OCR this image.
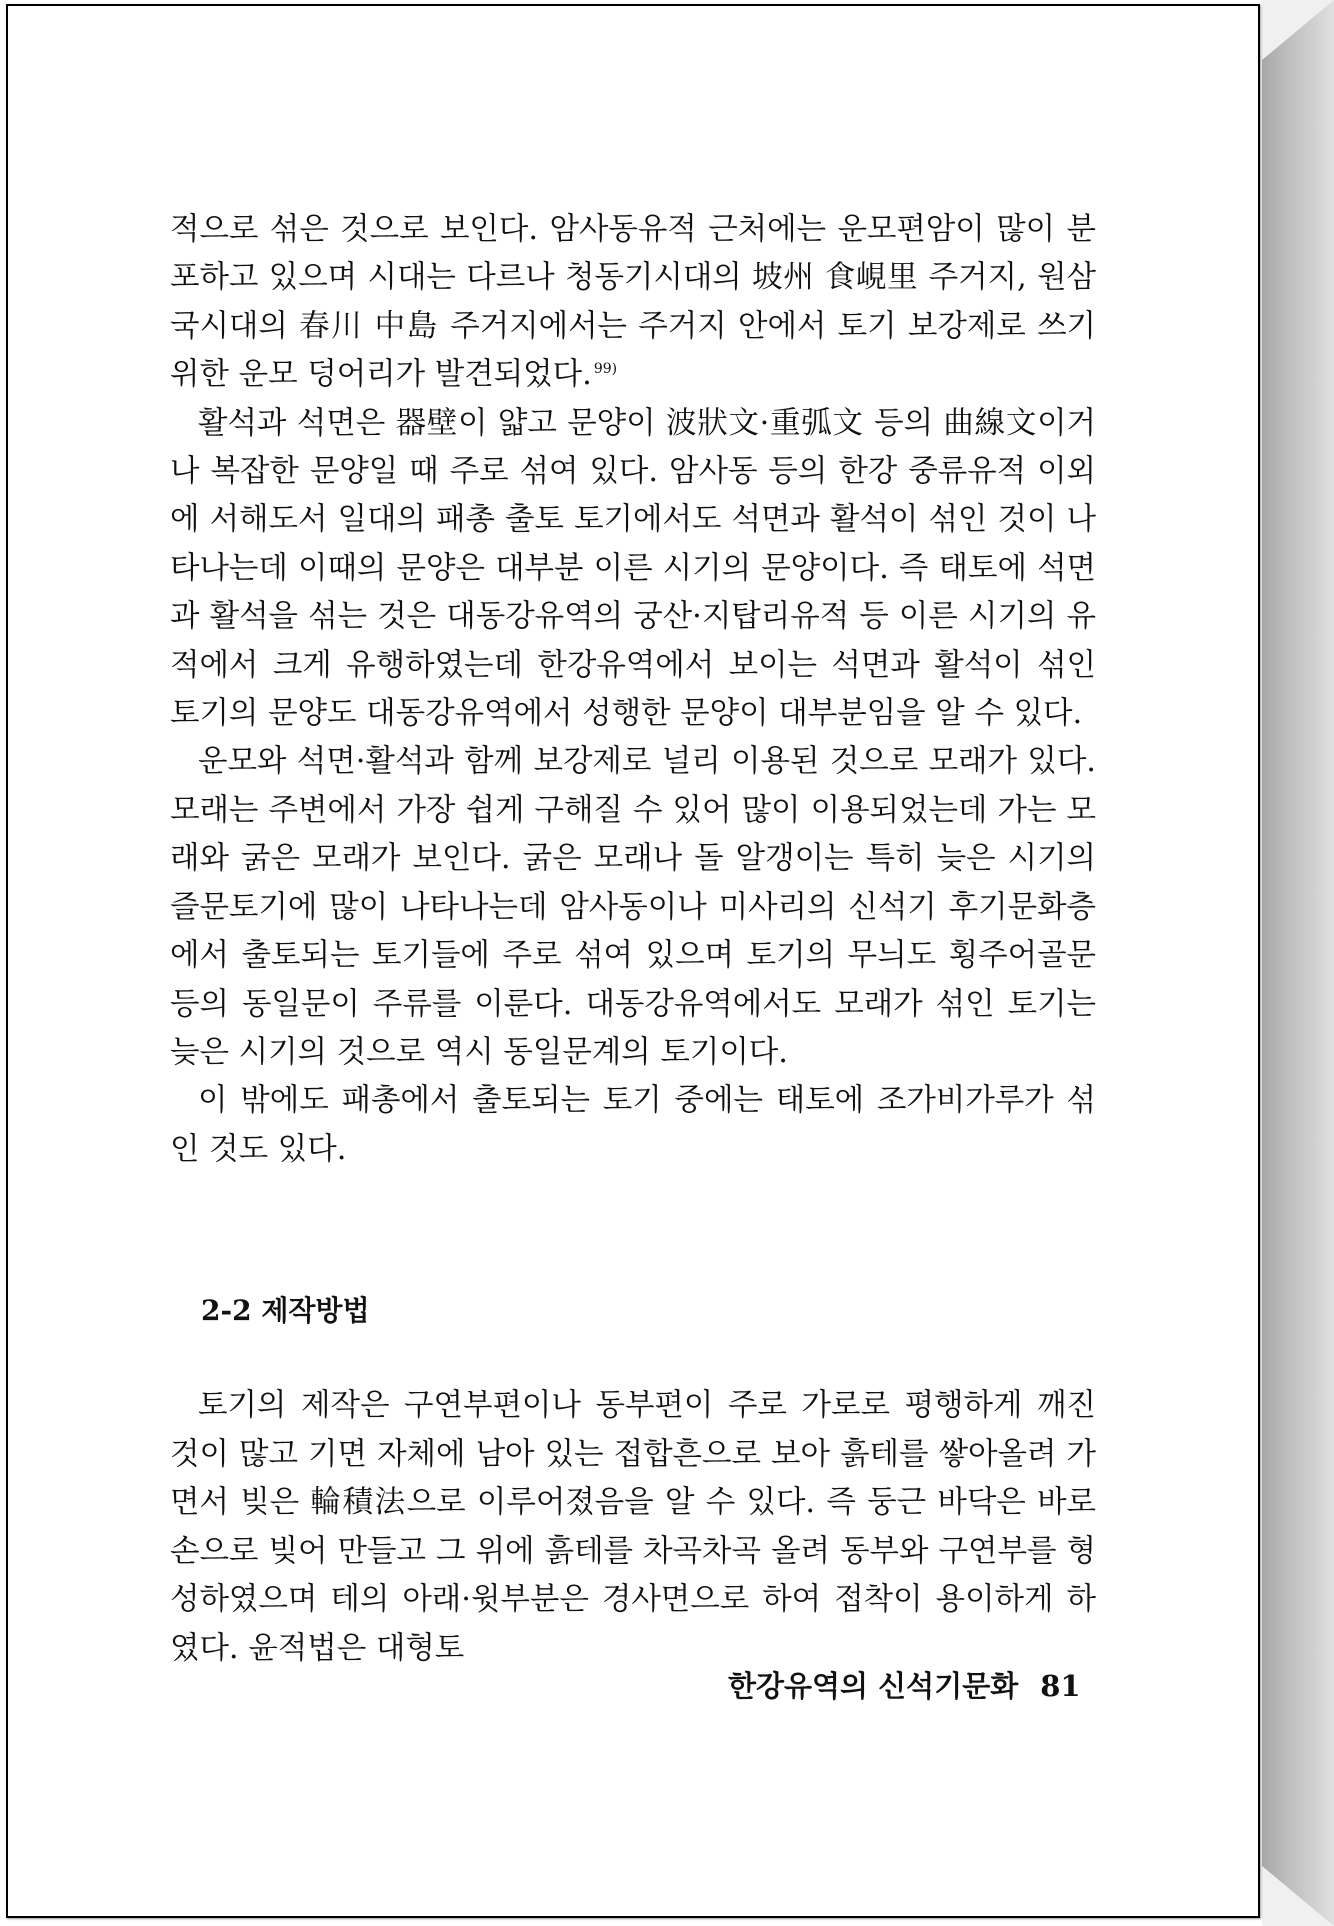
적으로 섞은 것으로 보인다. 암사동유적 근처에는 운모편암이 많이 분포하고 있으며 시대는 다르나 청동기시대의 坡州 食峴里 주거지, 원삼국시대의 春川 中島 주거지에서는 주거지 안에서 토기 보강제로 쓰기 위한 운모 덩어리가 발견되었다. $^{99)}$

활석과 석면은 器壁이 얇고 문양이 波狀文·重弧文 등의 曲線文이거나 복잡한 문양일 때 주로 섞여 있다. 암사동 등의 한강 중류유적 이외에 서해도서 일대의 패총 출토 토기에서도 석면과 활석이 섞인 것이 나타나는데 이때의 문양은 대부분 이른 시기의 문양이다. 즉 태토에 석면과 활석을 섞는 것은 대동강유역의 궁산·지탑리유적 등 이른 시기의 유적에서 크게 유행하였는데 한강유역에서 보이는 석면과 활석이 섞인 토기의 문양도 대동강유역에서 성행한 문양이 대부분임을 알 수 있다.

운모와 석면·활석과 함께 보강제로 널리 이용된 것으로 모래가 있다. 모래는 주변에서 가장 쉽게 구해질 수 있어 많이 이용되었는데 가는 모래와 굵은 모래가 보인다. 굵은 모래나 돌 알갱이는 특히 늦은 시기의 즐문토기에 많이 나타나는데 암사동이나 미사리의 신석기 후기문화층에서 출토되는 토기들에 주로 섞여 있으며 토기의 무늬도 횡주어골문 등의 동일문이 주류를 이룬다. 대동강유역에서도 모래가 섞인 토기는 늦은 시기의 것으로 역시 동일문계의 토기이다.

이 밖에도 패총에서 출토되는 토기 중에는 태토에 조가비가루가 섞인 것도 있다.

2-2 제작방법

토기의 제작은 구연부편이나 동부편이 주로 가로로 평행하게 깨진 것이 많고 기면 자체에 남아 있는 접합흔으로 보아 흙테를 쌓아올려 가면서 빚은 輪積法으로 이루어졌음을 알 수 있다. 즉 둥근 바닥은 바로 손으로 빚어 만들고 그 위에 흙테를 차곡차곡 올려 동부와 구연부를 형성하였으며 테의 아래·윗부분은 경사면으로 하여 접착이 용이하게 하였다. 윤적법은 대형토

한강유역의 신석기문화 81
